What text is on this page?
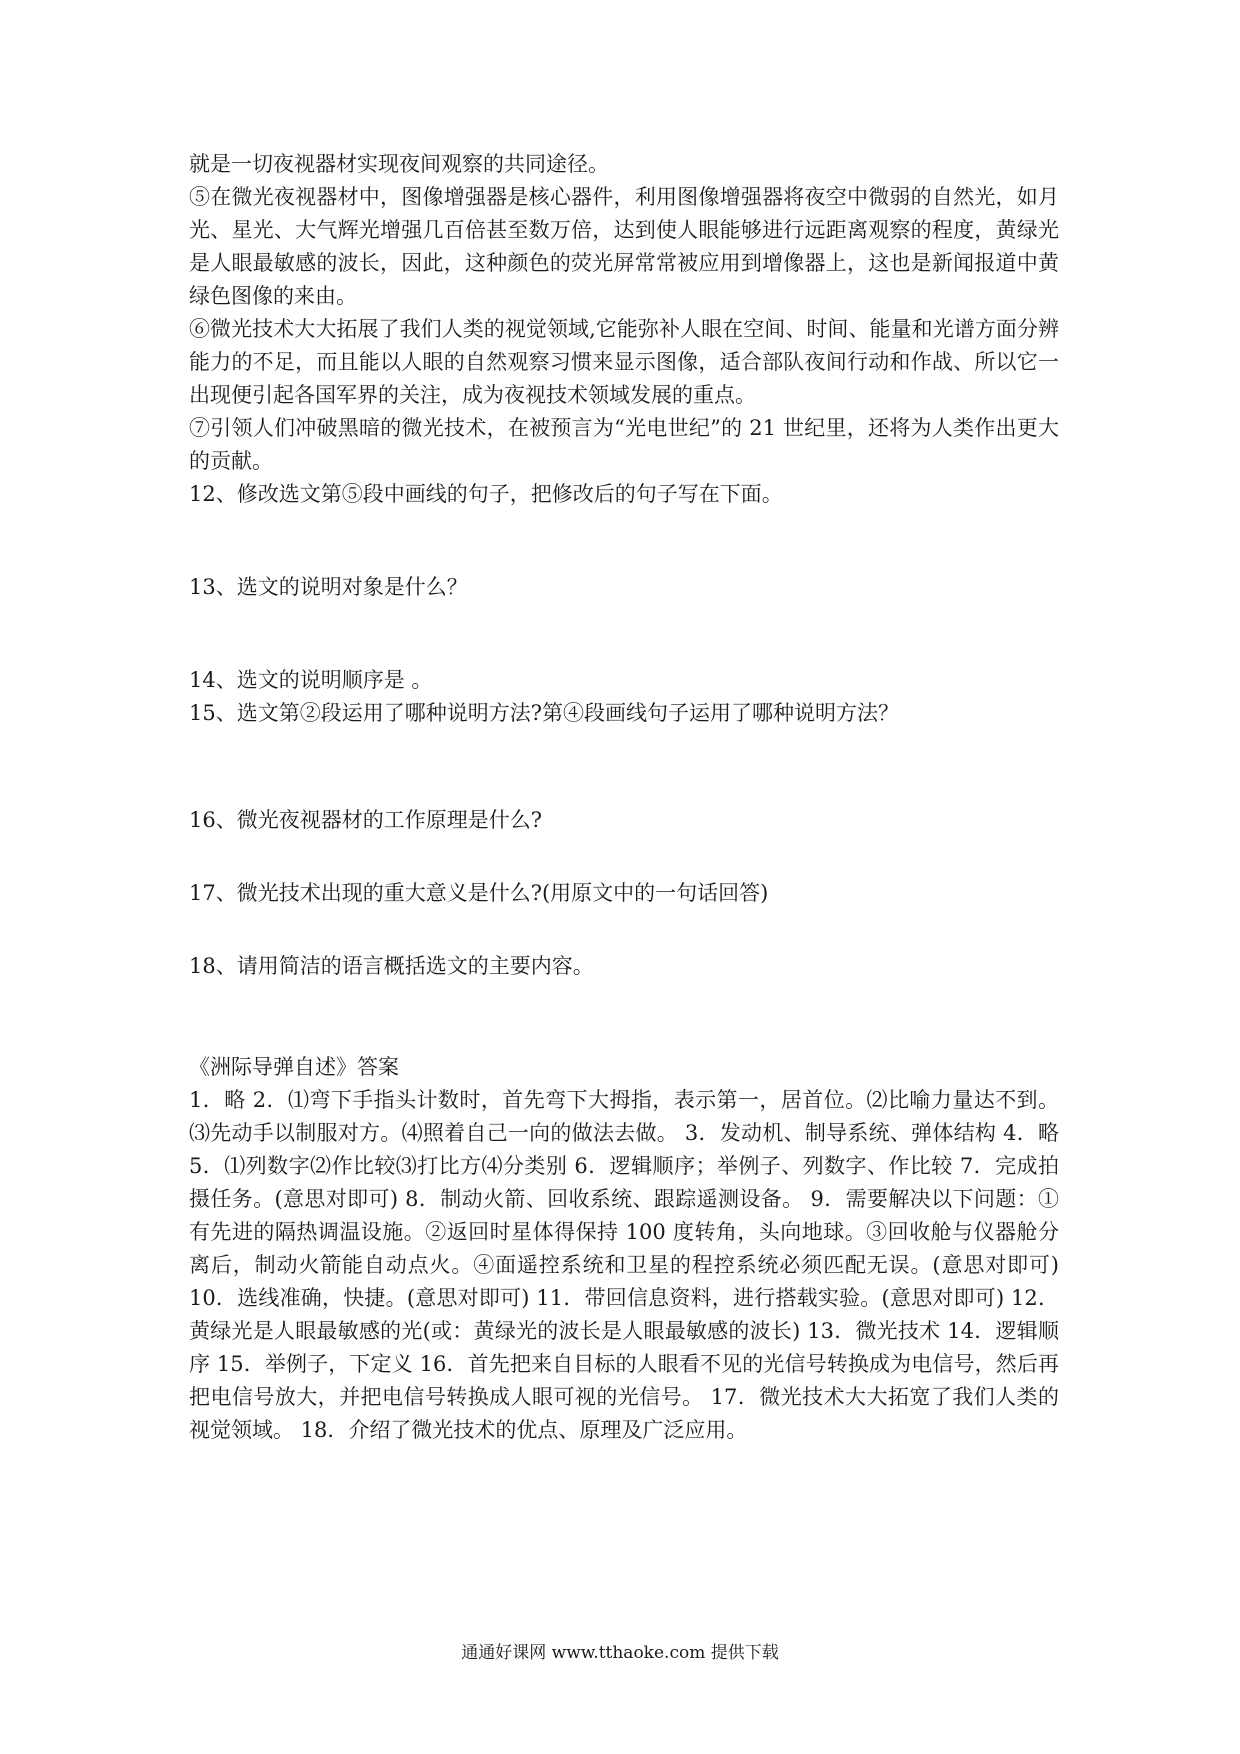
就是一切夜视器材实现夜间观察的共同途径。

⑤在微光夜视器材中，图像增强器是核心器件，利用图像增强器将夜空中微弱的自然光，如月光、星光、大气辉光增强几百倍甚至数万倍，达到使人眼能够进行远距离观察的程度，黄绿光是人眼最敏感的波长，因此，这种颜色的荧光屏常常被应用到增像器上，这也是新闻报道中黄绿色图像的来由。

⑥微光技术大大拓展了我们人类的视觉领域,它能弥补人眼在空间、时间、能量和光谱方面分辨能力的不足，而且能以人眼的自然观察习惯来显示图像，适合部队夜间行动和作战、所以它一出现便引起各国军界的关注，成为夜视技术领域发展的重点。

⑦引领人们冲破黑暗的微光技术，在被预言为“光电世纪”的 21 世纪里，还将为人类作出更大的贡献。

12、修改选文第⑤段中画线的句子，把修改后的句子写在下面。

13、选文的说明对象是什么？

14、选文的说明顺序是 。

15、选文第②段运用了哪种说明方法?第④段画线句子运用了哪种说明方法？

16、微光夜视器材的工作原理是什么?

17、微光技术出现的重大意义是什么?(用原文中的一句话回答)

18、请用简洁的语言概括选文的主要内容。

《洲际导弹自述》答案

1．略 2．⑴弯下手指头计数时，首先弯下大拇指，表示第一，居首位。⑵比喻力量达不到。⑶先动手以制服对方。⑷照着自己一向的做法去做。 3．发动机、制导系统、弹体结构 4．略 5．⑴列数字⑵作比较⑶打比方⑷分类别 6．逻辑顺序；举例子、列数字、作比较 7．完成拍摄任务。(意思对即可) 8．制动火箭、回收系统、跟踪遥测设备。 9．需要解决以下问题：①有先进的隔热调温设施。②返回时星体得保持 100 度转角，头向地球。③回收舱与仪器舱分离后，制动火箭能自动点火。④面遥控系统和卫星的程控系统必须匹配无误。(意思对即可) 10．选线准确，快捷。(意思对即可) 11．带回信息资料，进行搭载实验。(意思对即可) 12．黄绿光是人眼最敏感的光(或：黄绿光的波长是人眼最敏感的波长) 13．微光技术 14．逻辑顺序 15．举例子，下定义 16．首先把来自目标的人眼看不见的光信号转换成为电信号，然后再把电信号放大，并把电信号转换成人眼可视的光信号。 17．微光技术大大拓宽了我们人类的视觉领域。 18．介绍了微光技术的优点、原理及广泛应用。

通通好课网 www.tthaoke.com 提供下载
